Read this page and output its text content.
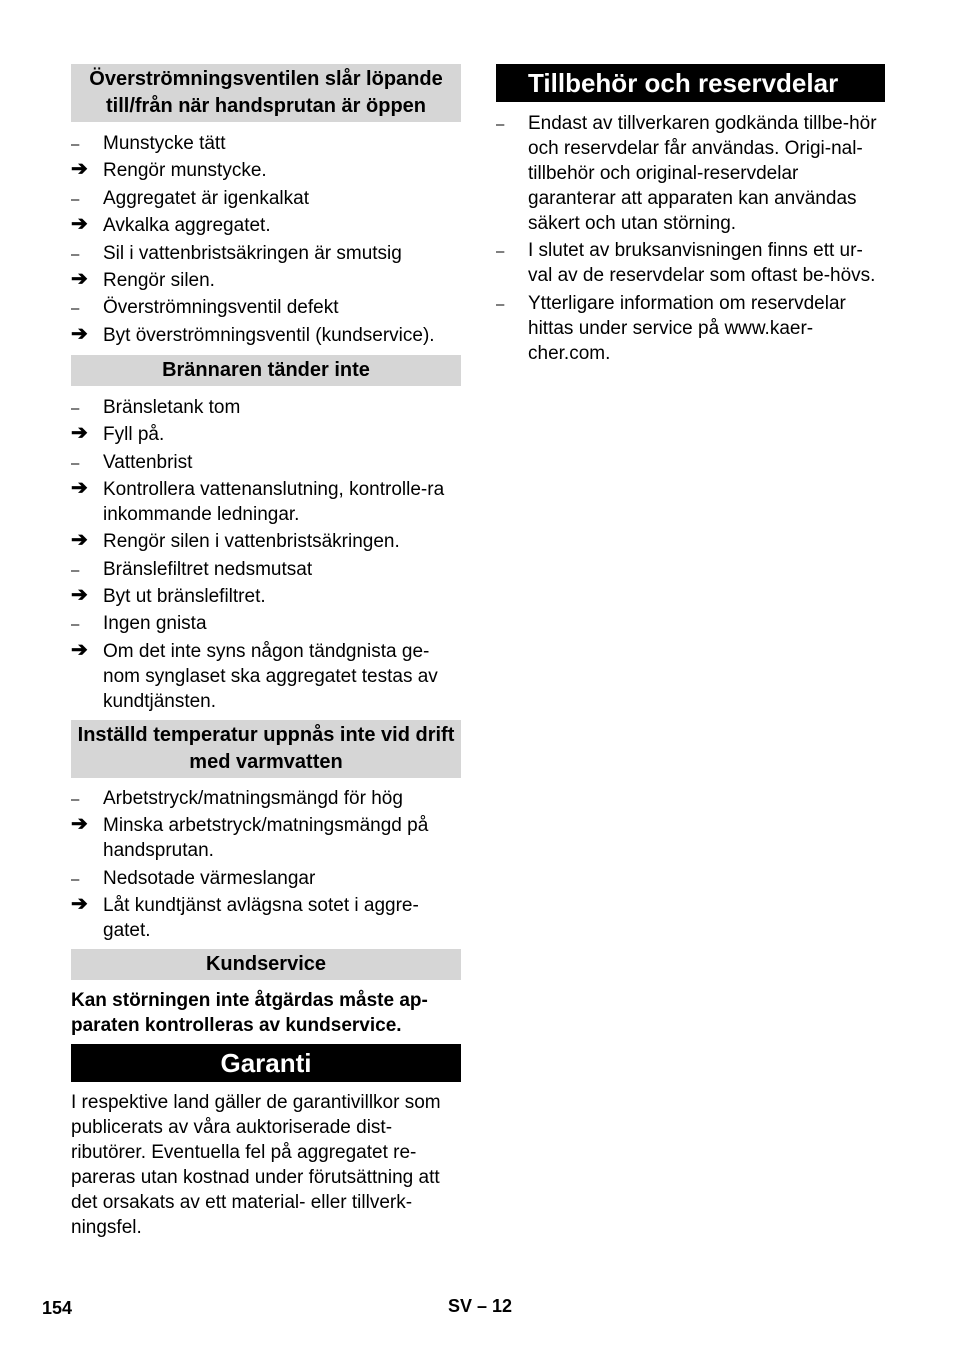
Överströmningsventilen slår löpande till/från när handsprutan är öppen
–	Munstycke tätt
➔ Rengör munstycke.
–	Aggregatet är igenkalkat
➔ Avkalka aggregatet.
–	Sil i vattenbristsäkringen är smutsig
➔ Rengör silen.
–	Överströmningsventil defekt
➔ Byt överströmningsventil (kundservice).
Brännaren tänder inte
–	Bränsletank tom
➔ Fyll på.
–	Vattenbrist
➔ Kontrollera vattenanslutning, kontrolle-ra inkommande ledningar.
➔ Rengör silen i vattenbristsäkringen.
–	Bränslefiltret nedsmutsat
➔ Byt ut bränslefiltret.
–	Ingen gnista
➔ Om det inte syns någon tändgnista ge-nom synglaset ska aggregatet testas av kundtjänsten.
Inställd temperatur uppnås inte vid drift med varmvatten
–	Arbetstryck/matningsmängd för hög
➔ Minska arbetstryck/matningsmängd på handsprutan.
–	Nedsotade värmeslangar
➔ Låt kundtjänst avlägsna sotet i aggre-gatet.
Kundservice
Kan störningen inte åtgärdas måste ap-paraten kontrolleras av kundservice.
Garanti
I respektive land gäller de garantivillkor som publicerats av våra auktoriserade dist-ributörer. Eventuella fel på aggregatet re-pareras utan kostnad under förutsättning att det orsakats av ett material- eller tillverk-ningsfel.
Tillbehör och reservdelar
–	Endast av tillverkaren godkända tillbe-hör och reservdelar får användas. Origi-nal-tillbehör och original-reservdelar garanterar att apparaten kan användas säkert och utan störning.
–	I slutet av bruksanvisningen finns ett ur-val av de reservdelar som oftast be-hövs.
–	Ytterligare information om reservdelar hittas under service på www.kaer-cher.com.
154	SV – 12
